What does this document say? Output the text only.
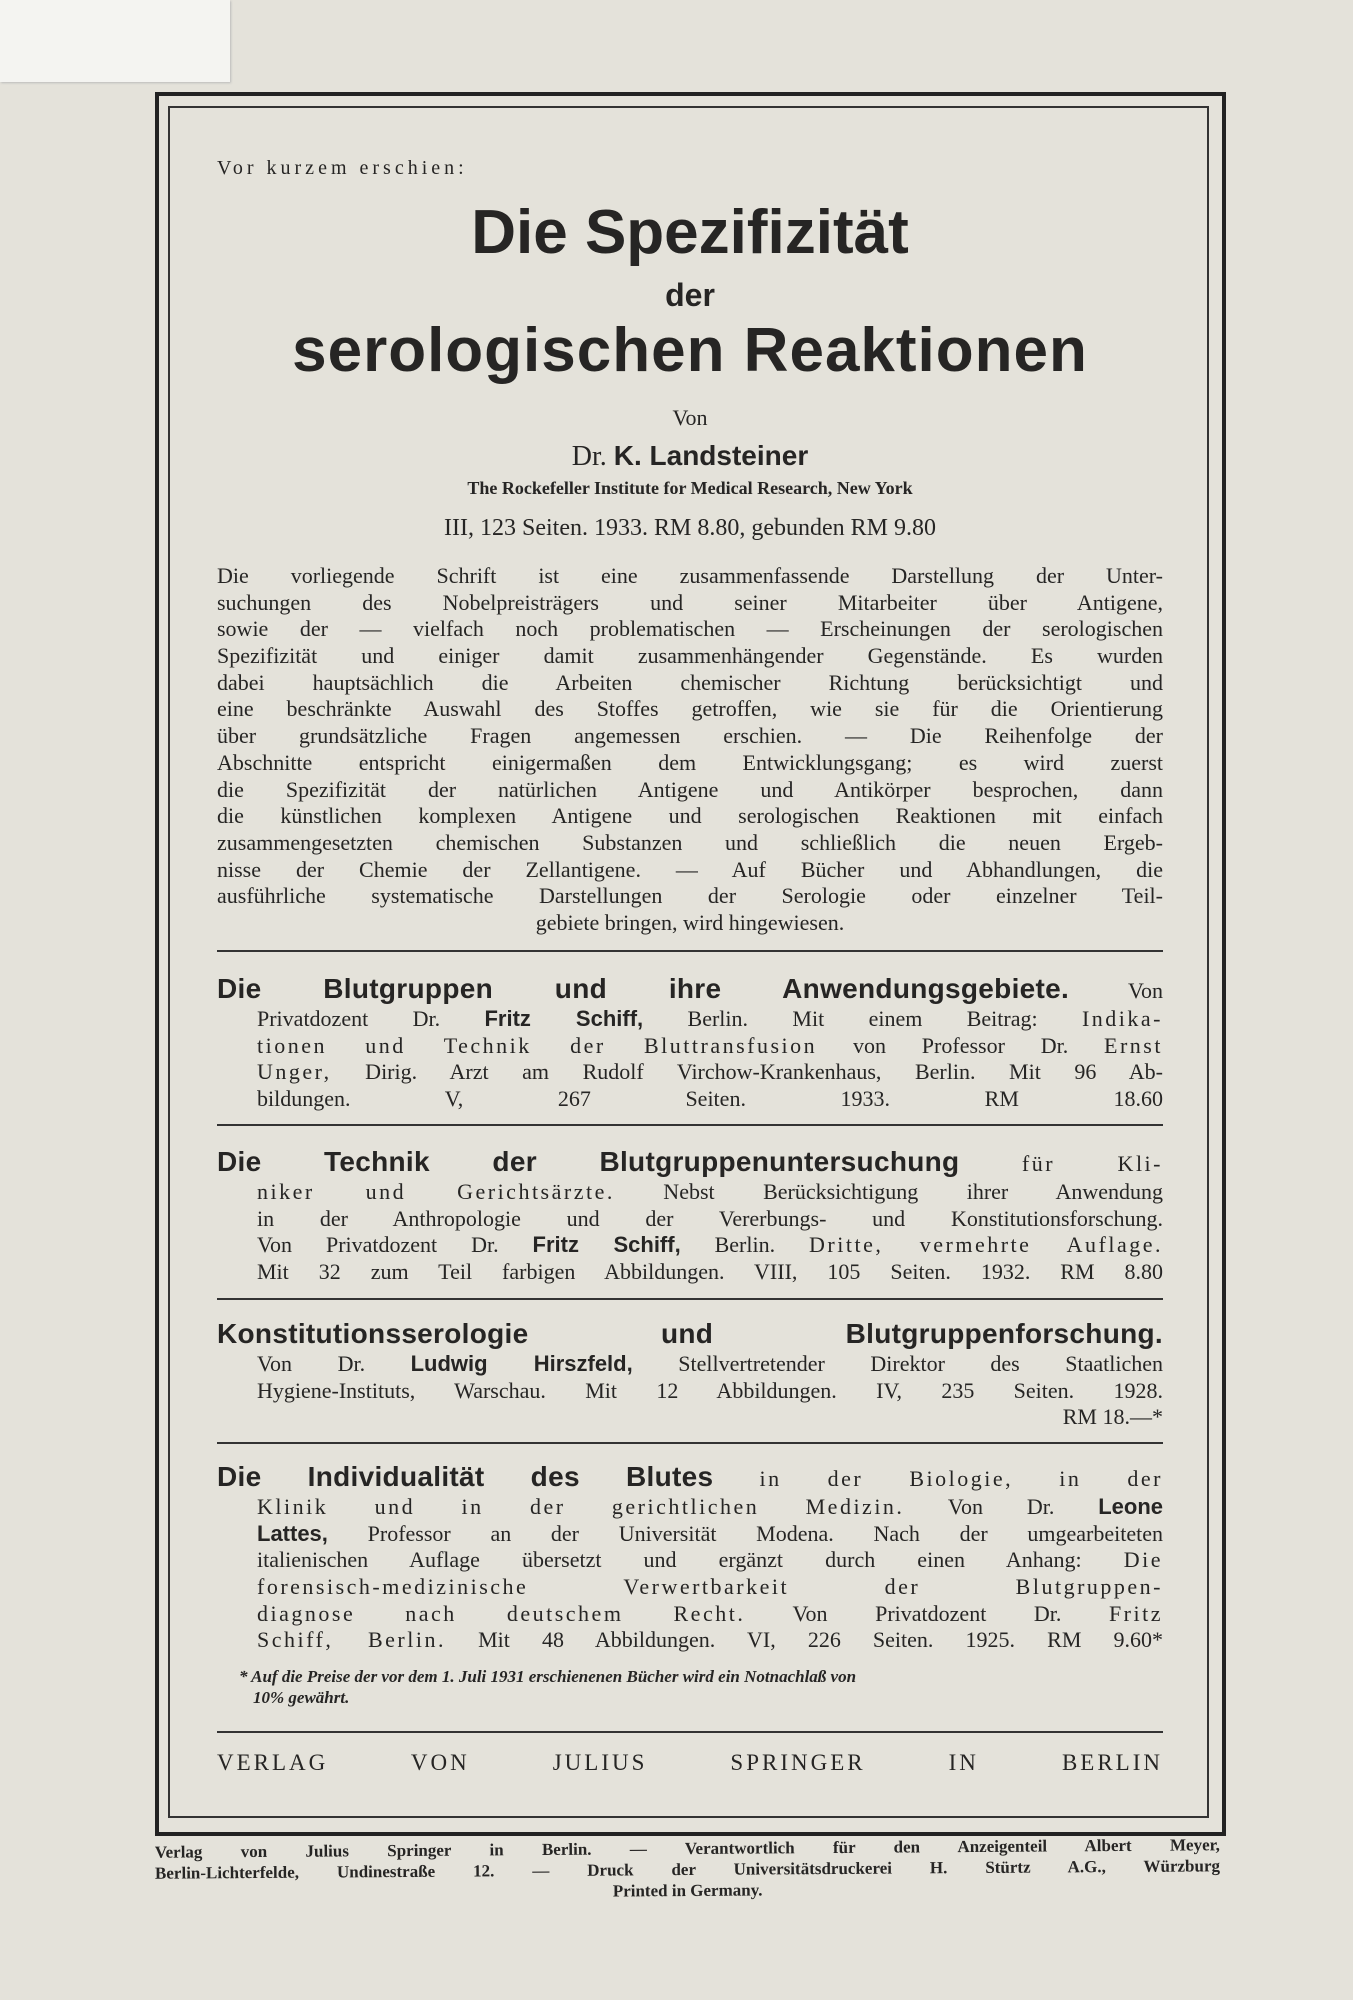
Vor kurzem erschien:
Die Spezifizität
der
serologischen Reaktionen
Von
Dr. K. Landsteiner
The Rockefeller Institute for Medical Research, New York
III, 123 Seiten. 1933. RM 8.80, gebunden RM 9.80
Die vorliegende Schrift ist eine zusammenfassende Darstellung der Unter-
suchungen des Nobelpreisträgers und seiner Mitarbeiter über Antigene,
sowie der — vielfach noch problematischen — Erscheinungen der serologischen
Spezifizität und einiger damit zusammenhängender Gegenstände. Es wurden
dabei hauptsächlich die Arbeiten chemischer Richtung berücksichtigt und
eine beschränkte Auswahl des Stoffes getroffen, wie sie für die Orientierung
über grundsätzliche Fragen angemessen erschien. — Die Reihenfolge der
Abschnitte entspricht einigermaßen dem Entwicklungsgang; es wird zuerst
die Spezifizität der natürlichen Antigene und Antikörper besprochen, dann
die künstlichen komplexen Antigene und serologischen Reaktionen mit einfach
zusammengesetzten chemischen Substanzen und schließlich die neuen Ergeb-
nisse der Chemie der Zellantigene. — Auf Bücher und Abhandlungen, die
ausführliche systematische Darstellungen der Serologie oder einzelner Teil-
gebiete bringen, wird hingewiesen.
Die Blutgruppen und ihre Anwendungsgebiete. Von
Privatdozent Dr. Fritz Schiff, Berlin. Mit einem Beitrag: Indika-
tionen und Technik der Bluttransfusion von Professor Dr. Ernst
Unger, Dirig. Arzt am Rudolf Virchow-Krankenhaus, Berlin. Mit 96 Ab-
bildungen. V, 267 Seiten. 1933. RM 18.60
Die Technik der Blutgruppenuntersuchung für Kli-
niker und Gerichtsärzte. Nebst Berücksichtigung ihrer Anwendung
in der Anthropologie und der Vererbungs- und Konstitutionsforschung.
Von Privatdozent Dr. Fritz Schiff, Berlin. Dritte, vermehrte Auflage.
Mit 32 zum Teil farbigen Abbildungen. VIII, 105 Seiten. 1932. RM 8.80
Konstitutionsserologie und Blutgruppenforschung.
Von Dr. Ludwig Hirszfeld, Stellvertretender Direktor des Staatlichen
Hygiene-Instituts, Warschau. Mit 12 Abbildungen. IV, 235 Seiten. 1928.
RM 18.—*
Die Individualität des Blutes in der Biologie, in der
Klinik und in der gerichtlichen Medizin. Von Dr. Leone
Lattes, Professor an der Universität Modena. Nach der umgearbeiteten
italienischen Auflage übersetzt und ergänzt durch einen Anhang: Die
forensisch-medizinische Verwertbarkeit der Blutgruppen-
diagnose nach deutschem Recht. Von Privatdozent Dr. Fritz
Schiff, Berlin. Mit 48 Abbildungen. VI, 226 Seiten. 1925. RM 9.60*
* Auf die Preise der vor dem 1. Juli 1931 erschienenen Bücher wird ein Notnachlaß von
10% gewährt.
VERLAG VON JULIUS SPRINGER IN BERLIN
Verlag von Julius Springer in Berlin. — Verantwortlich für den Anzeigenteil Albert Meyer,
Berlin-Lichterfelde, Undinestraße 12. — Druck der Universitätsdruckerei H. Stürtz A.G., Würzburg
Printed in Germany.
